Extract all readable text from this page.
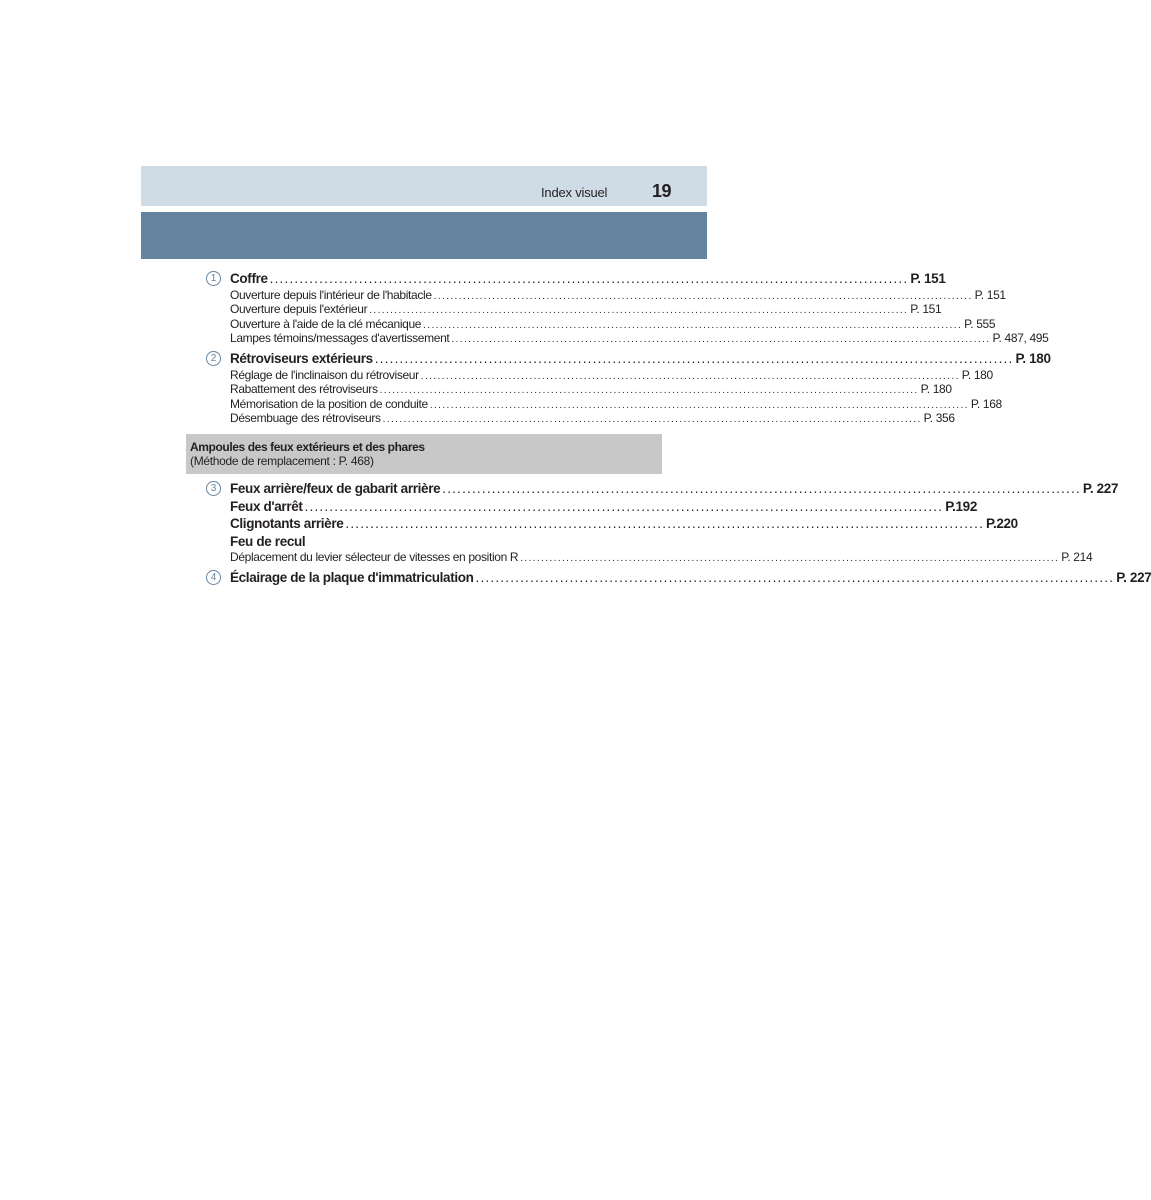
Index visuel 19
1	Coffre ................................................................................................................................. P. 151
Ouverture depuis l'intérieur de l'habitacle ................................................................................................................................. P. 151
Ouverture depuis l'extérieur ................................................................................................................................. P. 151
Ouverture à l'aide de la clé mécanique ................................................................................................................................. P. 555
Lampes témoins/messages d'avertissement ................................................................................................................................. P. 487, 495
2	Rétroviseurs extérieurs ................................................................................................................................. P. 180
Réglage de l'inclinaison du rétroviseur ................................................................................................................................. P. 180
Rabattement des rétroviseurs ................................................................................................................................. P. 180
Mémorisation de la position de conduite ................................................................................................................................. P. 168
Désembuage des rétroviseurs ................................................................................................................................. P. 356
Ampoules des feux extérieurs et des phares
(Méthode de remplacement : P. 468)
3	Feux arrière/feux de gabarit arrière ................................................................................................................................. P. 227
Feux d'arrêt ................................................................................................................................. P.192
Clignotants arrière ................................................................................................................................. P.220
Feu de recul
Déplacement du levier sélecteur de vitesses en position R ................................................................................................................................. P. 214
4	Éclairage de la plaque d'immatriculation ................................................................................................................................. P. 227
